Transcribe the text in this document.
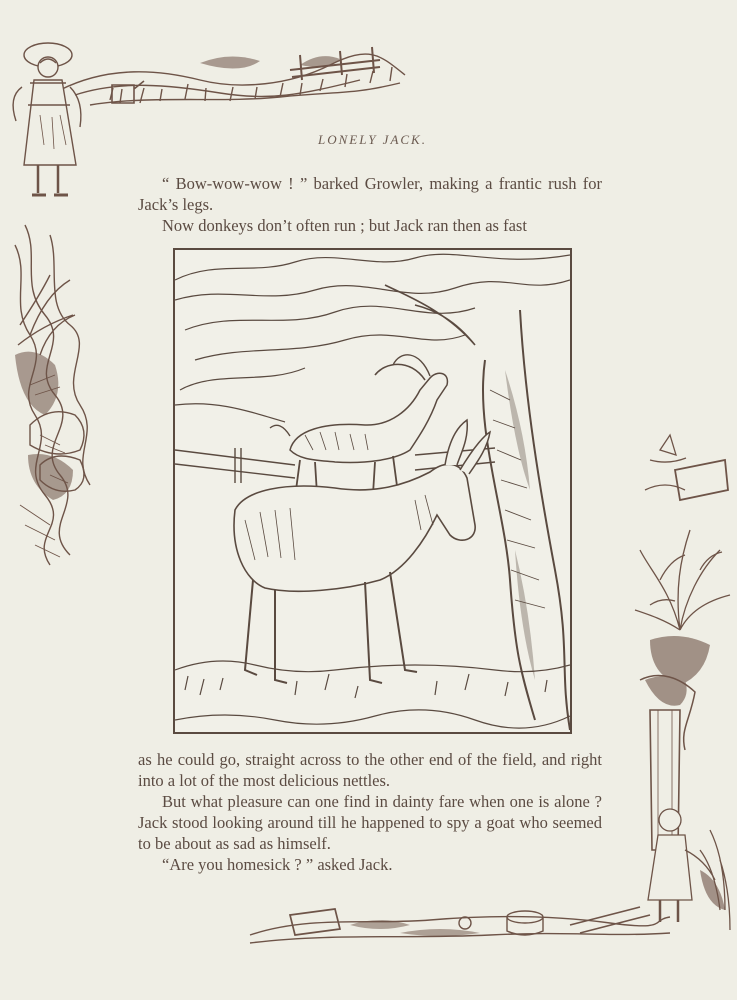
LONELY JACK.

“ Bow-wow-wow ! ” barked Growler, making a frantic rush for Jack’s legs.

Now donkeys don’t often run ; but Jack ran then as fast

as he could go, straight across to the other end of the field, and right into a lot of the most delicious nettles.

But what pleasure can one find in dainty fare when one is alone ? Jack stood looking around till he happened to spy a goat who seemed to be about as sad as himself.

“Are you homesick ? ” asked Jack.
